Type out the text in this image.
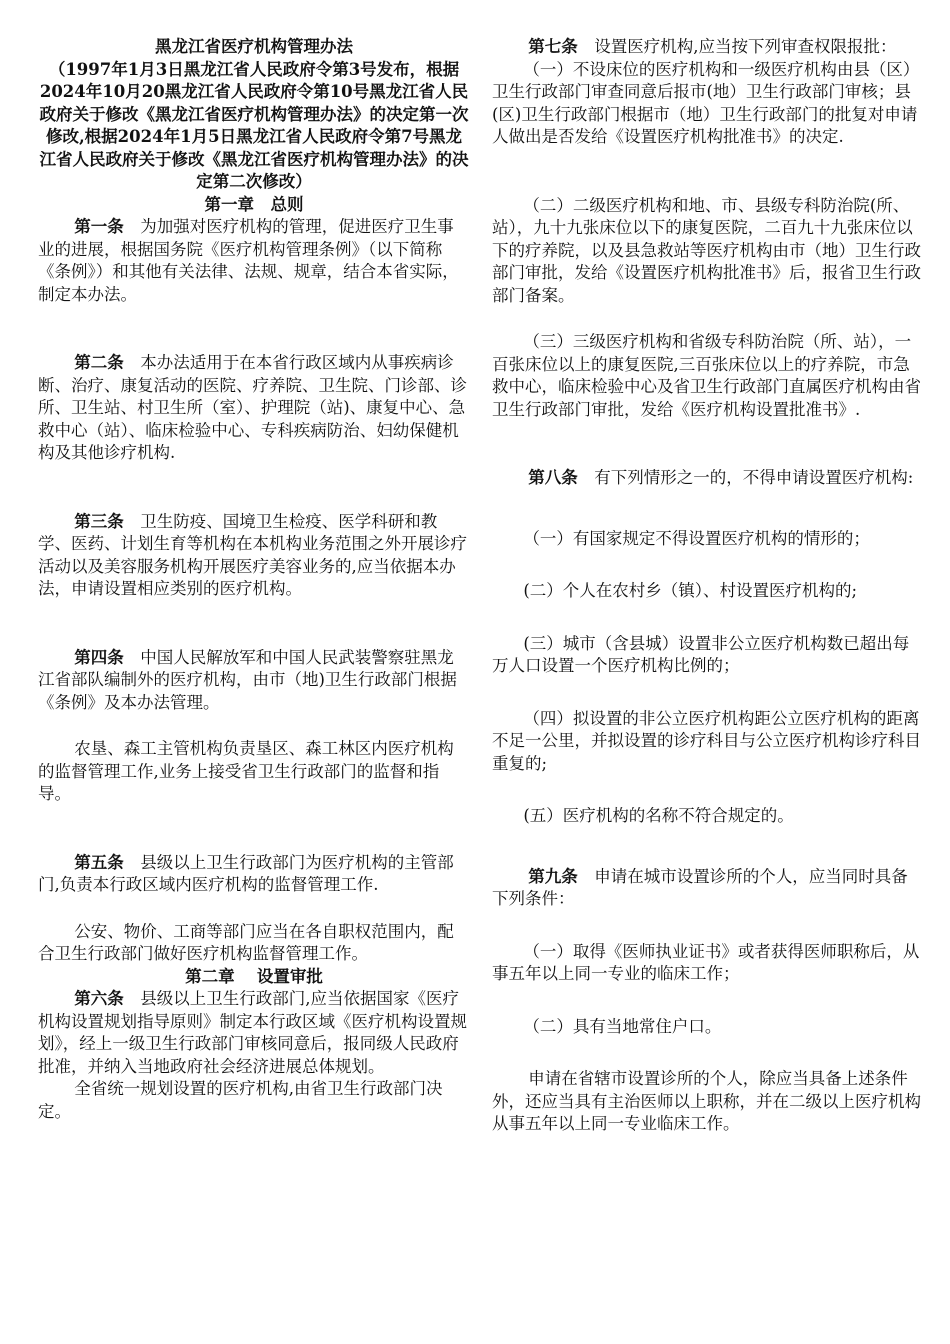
黑龙江省医疗机构管理办法

（1997年1月3日黑龙江省人民政府令第3号发布，根据2024年10月20黑龙江省人民政府令第10号黑龙江省人民政府关于修改《黑龙江省医疗机构管理办法》的决定第一次修改,根据2024年1月5日黑龙江省人民政府令第7号黑龙江省人民政府关于修改《黑龙江省医疗机构管理办法》的决定第二次修改）

第一章　总则

第一条 为加强对医疗机构的管理，促进医疗卫生事业的进展，根据国务院《医疗机构管理条例》（以下简称《条例》）和其他有关法律、法规、规章，结合本省实际，制定本办法。

第二条 本办法适用于在本省行政区域内从事疾病诊断、治疗、康复活动的医院、疗养院、卫生院、门诊部、诊所、卫生站、村卫生所（室）、护理院（站)、康复中心、急救中心（站）、临床检验中心、专科疾病防治、妇幼保健机构及其他诊疗机构.

第三条 卫生防疫、国境卫生检疫、医学科研和教学、医药、计划生育等机构在本机构业务范围之外开展诊疗活动以及美容服务机构开展医疗美容业务的,应当依据本办法，申请设置相应类别的医疗机构。

第四条 中国人民解放军和中国人民武装警察驻黑龙江省部队编制外的医疗机构，由市（地)卫生行政部门根据《条例》及本办法管理。

农垦、森工主管机构负责垦区、森工林区内医疗机构的监督管理工作,业务上接受省卫生行政部门的监督和指导。

第五条 县级以上卫生行政部门为医疗机构的主管部门,负责本行政区域内医疗机构的监督管理工作.

公安、物价、工商等部门应当在各自职权范围内，配合卫生行政部门做好医疗机构监督管理工作。

第二章　 设置审批

第六条 县级以上卫生行政部门,应当依据国家《医疗机构设置规划指导原则》制定本行政区域《医疗机构设置规划》，经上一级卫生行政部门审核同意后，报同级人民政府批准，并纳入当地政府社会经济进展总体规划。

全省统一规划设置的医疗机构,由省卫生行政部门决定。

第七条 设置医疗机构,应当按下列审查权限报批：

（一）不设床位的医疗机构和一级医疗机构由县（区）卫生行政部门审查同意后报市(地）卫生行政部门审核；县(区)卫生行政部门根据市（地）卫生行政部门的批复对申请人做出是否发给《设置医疗机构批准书》的决定.

（二）二级医疗机构和地、市、县级专科防治院(所、站），九十九张床位以下的康复医院，二百九十九张床位以下的疗养院，以及县急救站等医疗机构由市（地）卫生行政部门审批，发给《设置医疗机构批准书》后，报省卫生行政部门备案。

（三）三级医疗机构和省级专科防治院（所、站），一百张床位以上的康复医院,三百张床位以上的疗养院，市急救中心，临床检验中心及省卫生行政部门直属医疗机构由省卫生行政部门审批，发给《医疗机构设置批准书》.

第八条 有下列情形之一的，不得申请设置医疗机构:

（一）有国家规定不得设置医疗机构的情形的；

(二）个人在农村乡（镇）、村设置医疗机构的;

(三）城市（含县城）设置非公立医疗机构数已超出每万人口设置一个医疗机构比例的；

（四）拟设置的非公立医疗机构距公立医疗机构的距离不足一公里，并拟设置的诊疗科目与公立医疗机构诊疗科目重复的;

(五）医疗机构的名称不符合规定的。

第九条 申请在城市设置诊所的个人，应当同时具备下列条件：

（一）取得《医师执业证书》或者获得医师职称后，从事五年以上同一专业的临床工作；

（二）具有当地常住户口。

申请在省辖市设置诊所的个人，除应当具备上述条件外，还应当具有主治医师以上职称，并在二级以上医疗机构从事五年以上同一专业临床工作。
